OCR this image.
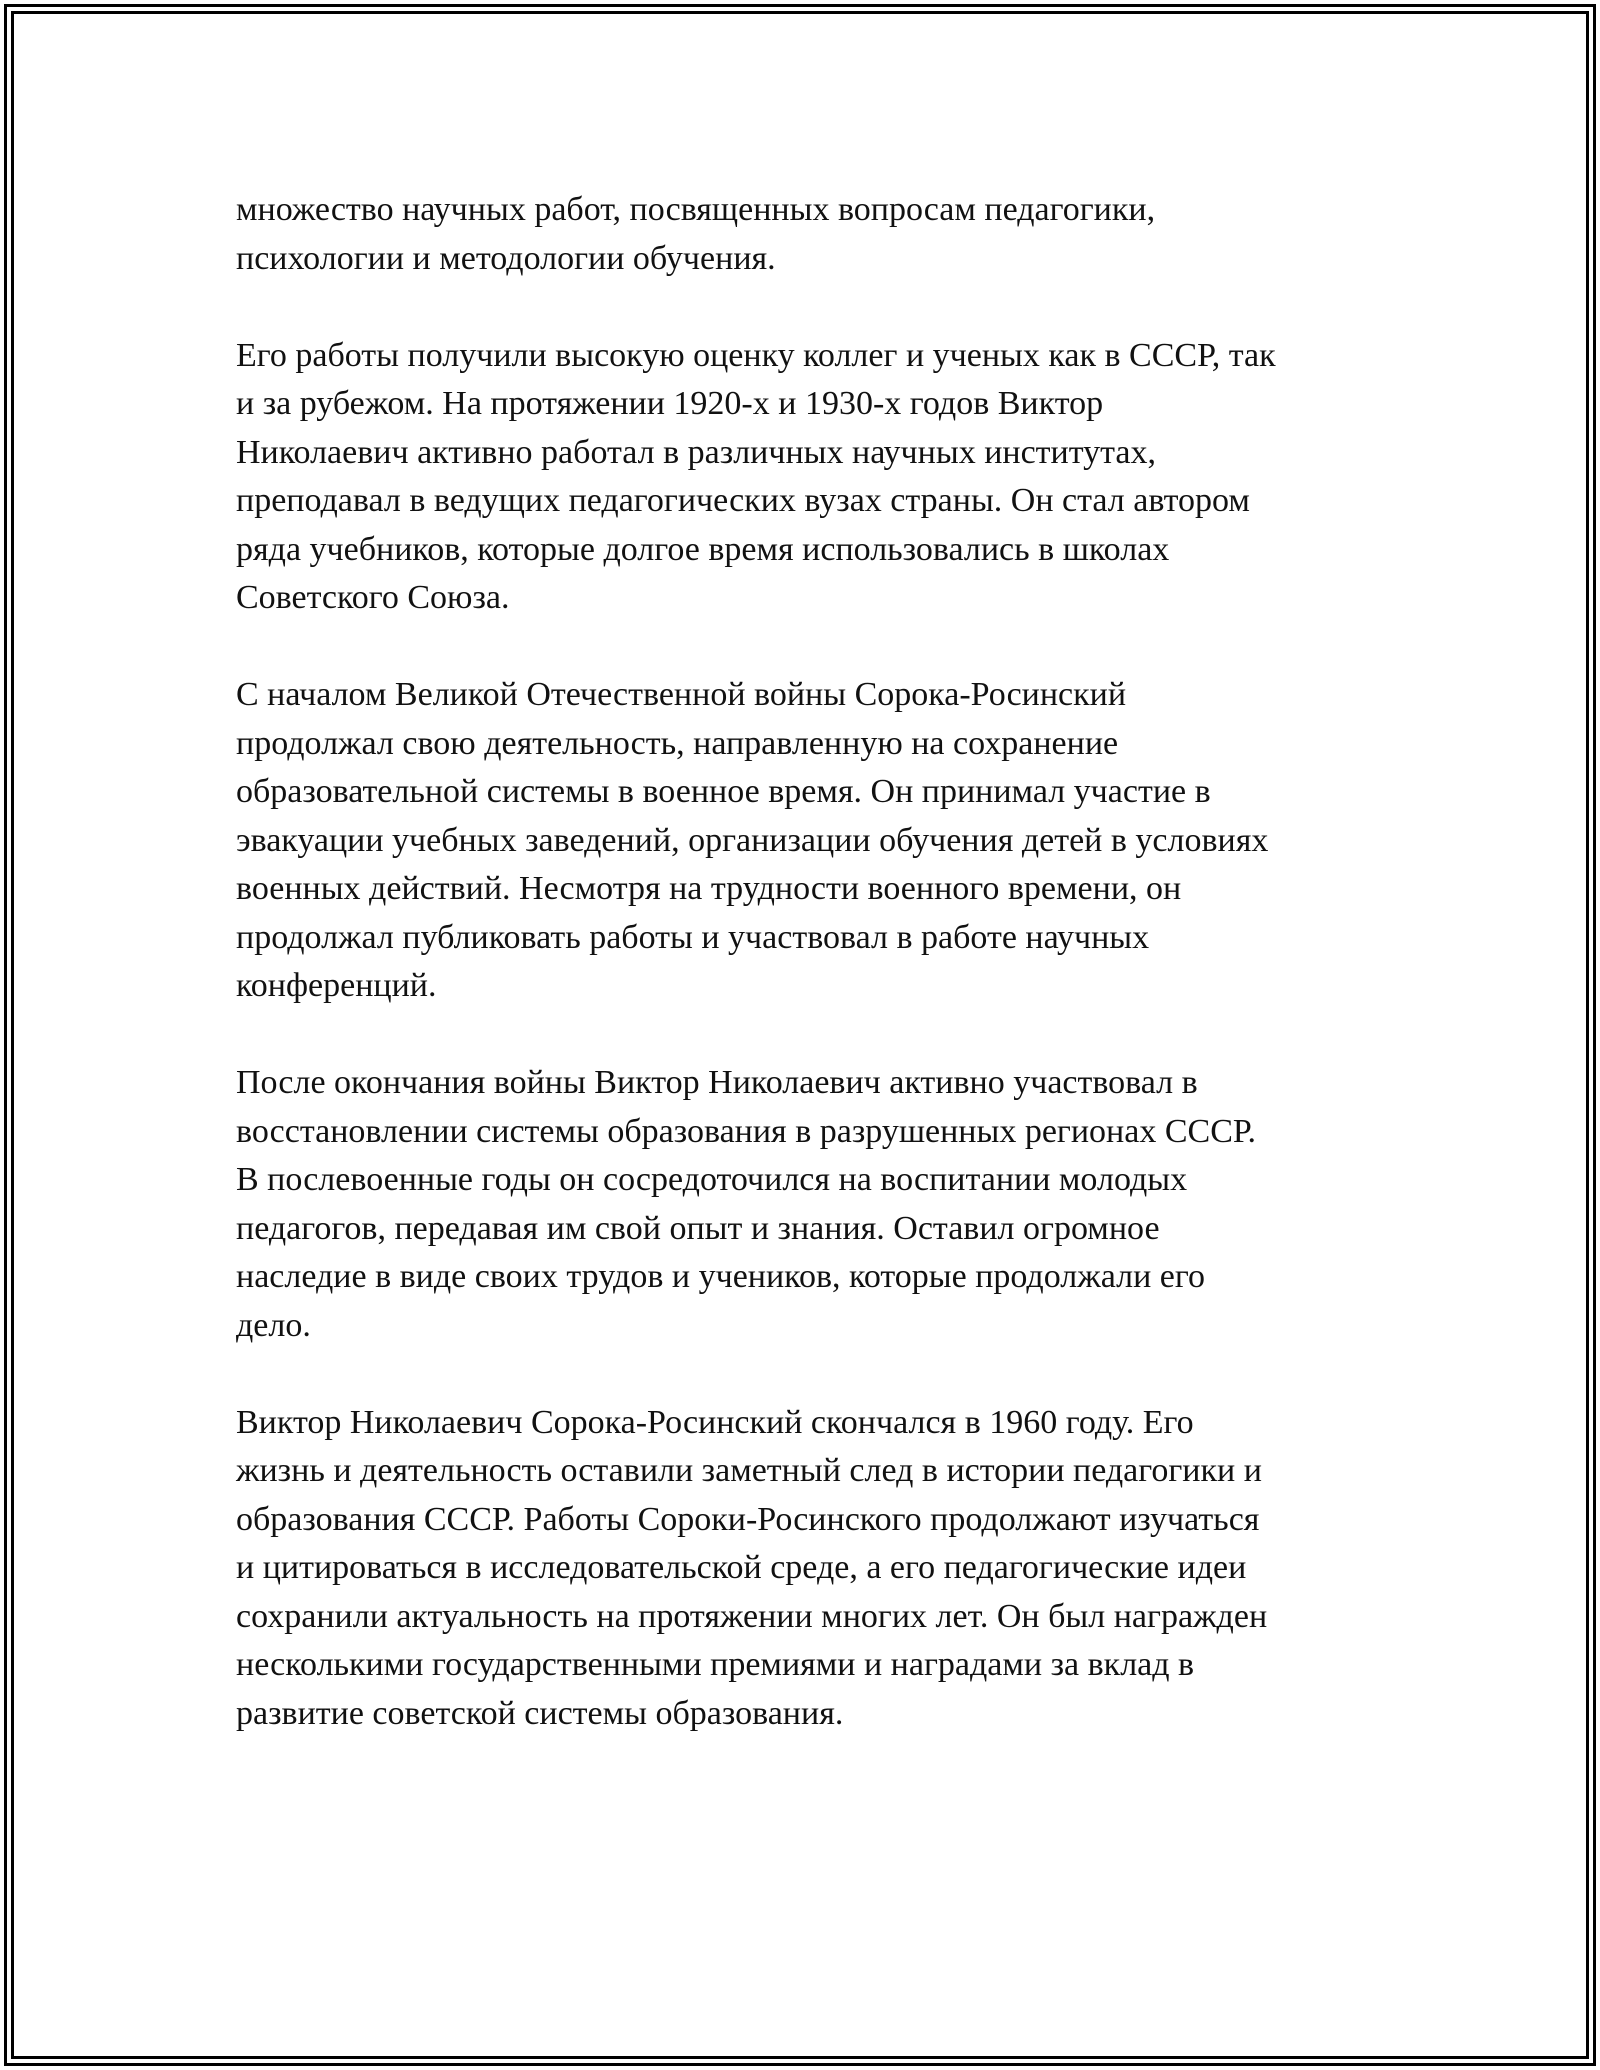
множество научных работ, посвященных вопросам педагогики,
психологии и методологии обучения.

Его работы получили высокую оценку коллег и ученых как в СССР, так
и за рубежом. На протяжении 1920-х и 1930-х годов Виктор
Николаевич активно работал в различных научных институтах,
преподавал в ведущих педагогических вузах страны. Он стал автором
ряда учебников, которые долгое время использовались в школах
Советского Союза.

С началом Великой Отечественной войны Сорока-Росинский
продолжал свою деятельность, направленную на сохранение
образовательной системы в военное время. Он принимал участие в
эвакуации учебных заведений, организации обучения детей в условиях
военных действий. Несмотря на трудности военного времени, он
продолжал публиковать работы и участвовал в работе научных
конференций.

После окончания войны Виктор Николаевич активно участвовал в
восстановлении системы образования в разрушенных регионах СССР.
В послевоенные годы он сосредоточился на воспитании молодых
педагогов, передавая им свой опыт и знания. Оставил огромное
наследие в виде своих трудов и учеников, которые продолжали его
дело.

Виктор Николаевич Сорока-Росинский скончался в 1960 году. Его
жизнь и деятельность оставили заметный след в истории педагогики и
образования СССР. Работы Сороки-Росинского продолжают изучаться
и цитироваться в исследовательской среде, а его педагогические идеи
сохранили актуальность на протяжении многих лет. Он был награжден
несколькими государственными премиями и наградами за вклад в
развитие советской системы образования.
